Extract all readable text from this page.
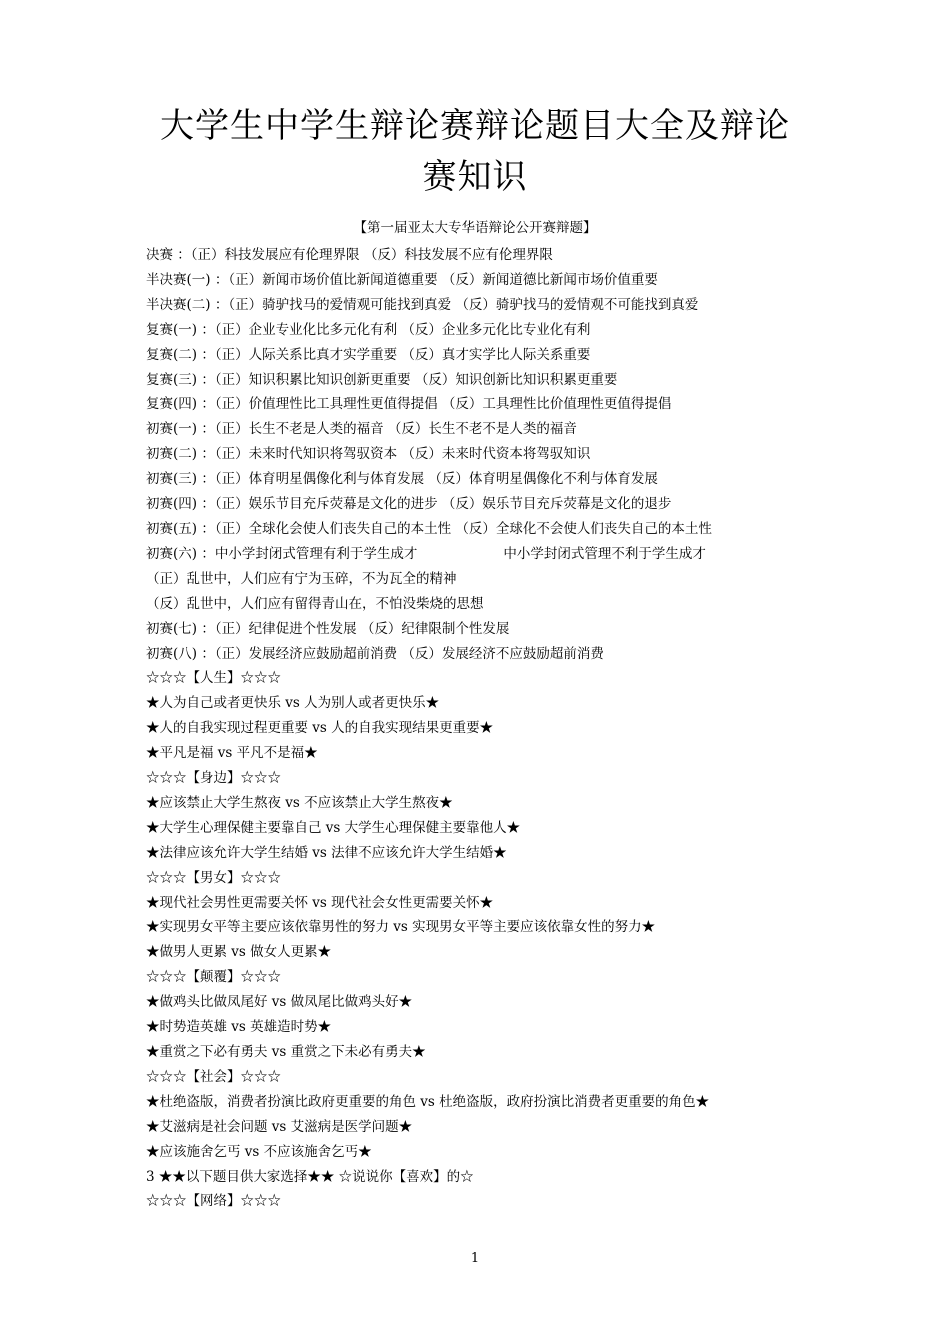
大学生中学生辩论赛辩论题目大全及辩论
赛知识
【第一届亚太大专华语辩论公开赛辩题】
决赛 ：（正）科技发展应有伦理界限 （反）科技发展不应有伦理界限
半决赛(一) ：（正）新闻市场价值比新闻道德重要 （反）新闻道德比新闻市场价值重要
半决赛(二) ：（正）骑驴找马的爱情观可能找到真爱 （反）骑驴找马的爱情观不可能找到真爱
复赛(一) ：（正）企业专业化比多元化有利 （反）企业多元化比专业化有利
复赛(二) ：（正）人际关系比真才实学重要 （反）真才实学比人际关系重要
复赛(三) ：（正）知识积累比知识创新更重要 （反）知识创新比知识积累更重要
复赛(四) ：（正）价值理性比工具理性更值得提倡 （反）工具理性比价值理性更值得提倡
初赛(一) ：（正）长生不老是人类的福音 （反）长生不老不是人类的福音
初赛(二) ：（正）未来时代知识将驾驭资本 （反）未来时代资本将驾驭知识
初赛(三) ：（正）体育明星偶像化利与体育发展 （反）体育明星偶像化不利与体育发展
初赛(四) ：（正）娱乐节目充斥荧幕是文化的进步 （反）娱乐节目充斥荧幕是文化的退步
初赛(五) ：（正）全球化会使人们丧失自己的本土性 （反）全球化不会使人们丧失自己的本土性
初赛(六) ：中小学封闭式管理有利于学生成才	中小学封闭式管理不利于学生成才
（正）乱世中，人们应有宁为玉碎，不为瓦全的精神
（反）乱世中，人们应有留得青山在，不怕没柴烧的思想
初赛(七) ：（正）纪律促进个性发展 （反）纪律限制个性发展
初赛(八) ：（正）发展经济应鼓励超前消费 （反）发展经济不应鼓励超前消费
☆☆☆【人生】☆☆☆
★人为自己或者更快乐 vs 人为别人或者更快乐★
★人的自我实现过程更重要 vs 人的自我实现结果更重要★
★平凡是福 vs 平凡不是福★
☆☆☆【身边】☆☆☆
★应该禁止大学生熬夜 vs 不应该禁止大学生熬夜★
★大学生心理保健主要靠自己 vs 大学生心理保健主要靠他人★
★法律应该允许大学生结婚 vs 法律不应该允许大学生结婚★
☆☆☆【男女】☆☆☆
★现代社会男性更需要关怀 vs 现代社会女性更需要关怀★
★实现男女平等主要应该依靠男性的努力 vs 实现男女平等主要应该依靠女性的努力★
★做男人更累 vs 做女人更累★
☆☆☆【颠覆】☆☆☆
★做鸡头比做凤尾好 vs 做凤尾比做鸡头好★
★时势造英雄 vs 英雄造时势★
★重赏之下必有勇夫 vs 重赏之下未必有勇夫★
☆☆☆【社会】☆☆☆
★杜绝盗版，消费者扮演比政府更重要的角色 vs 杜绝盗版，政府扮演比消费者更重要的角色★
★艾滋病是社会问题 vs 艾滋病是医学问题★
★应该施舍乞丐 vs 不应该施舍乞丐★
3 ★★以下题目供大家选择★★ ☆说说你【喜欢】的☆
☆☆☆【网络】☆☆☆
1
